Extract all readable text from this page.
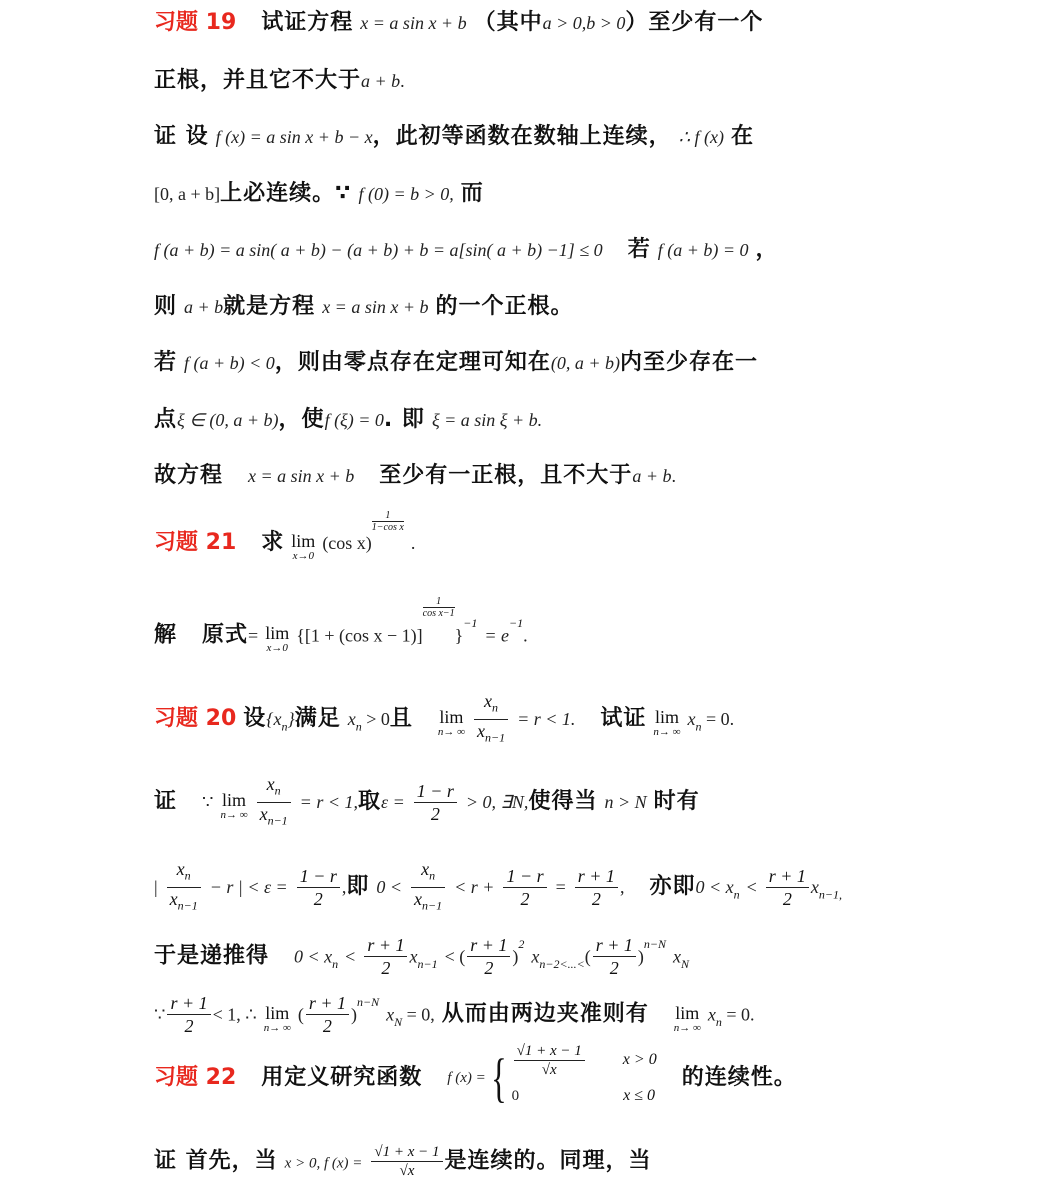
习题 19 试证方程 x = a sin x + b （其中a > 0,b > 0）至少有一个
正根，并且它不大于a + b.
证 设 f (x) = a sin x + b − x，此初等函数在数轴上连续， ∴ f (x) 在
[0, a + b]上必连续。∵ f (0) = b > 0, 而
f (a + b) = a sin( a + b) − (a + b) + b = a[sin( a + b) −1] ≤ 0 若 f (a + b) = 0 ，
则 a + b就是方程 x = a sin x + b 的一个正根。
若 f (a + b) < 0，则由零点存在定理可知在(0, a + b)内至少存在一
点ξ ∈ (0, a + b)，使f (ξ) = 0. 即 ξ = a sin ξ + b.
故方程 x = a sin x + b 至少有一正根，且不大于a + b.
习题 21 求 lim
x→0
(cos x)
$\frac{1}{\text{1−cos x}}$ .
解 原式= lim
x→0
{[1 + (cos x − 1)]
$\frac{1}{\text{cos x−1}}\}^{-1} = e^{-1}$.
习题 20 设$\{x_n\}$满足 $x_n > 0$且 lim
n→ ∞
$\frac{x_n}{x_{n-1}} = r < 1$. 试证 lim
n→ ∞
$x_n = 0$.
证 ∵ lim
n→ ∞
$\frac{x_n}{x_{n-1}} = r < 1$,取$\varepsilon = \frac{1 - r}{2} > 0$, ∃N,使得当 n > N 时有
| $\frac{x_n}{x_{n-1}} - r$ | < $\varepsilon = \frac{1 - r}{2}$ ,即 $0 < \frac{x_n}{x_{n-1}} < r + \frac{1 - r}{2} = \frac{r + 1}{2}$ , 亦即$0 < x_n < \frac{r + 1}{2} x_{n-1,}$
于是递推得 $0 < x_n < \frac{r + 1}{2} x_{n-1}$ < ( $\frac{r + 1}{2} )^2$ $x_{n-2<...<}( \frac{r + 1}{2} )^{n-N}$ $x_N$
∵ $\frac{r + 1}{2} < 1$, ∴ lim
n→ ∞
( $\frac{r + 1}{2} )^{n-N}$ $x_N = 0$, 从而由两边夹准则有 lim
n→ ∞
$x_n = 0$.
习题 22 用定义研究函数 f (x) ={ $\frac{√1 + x - 1}{√x}$ x > 0
0	x ≤ 0
的连续性。
证 首先，当 x > 0, f $(x) = \frac{√1 + x - 1}{√x}$ 是连续的。同理，当
